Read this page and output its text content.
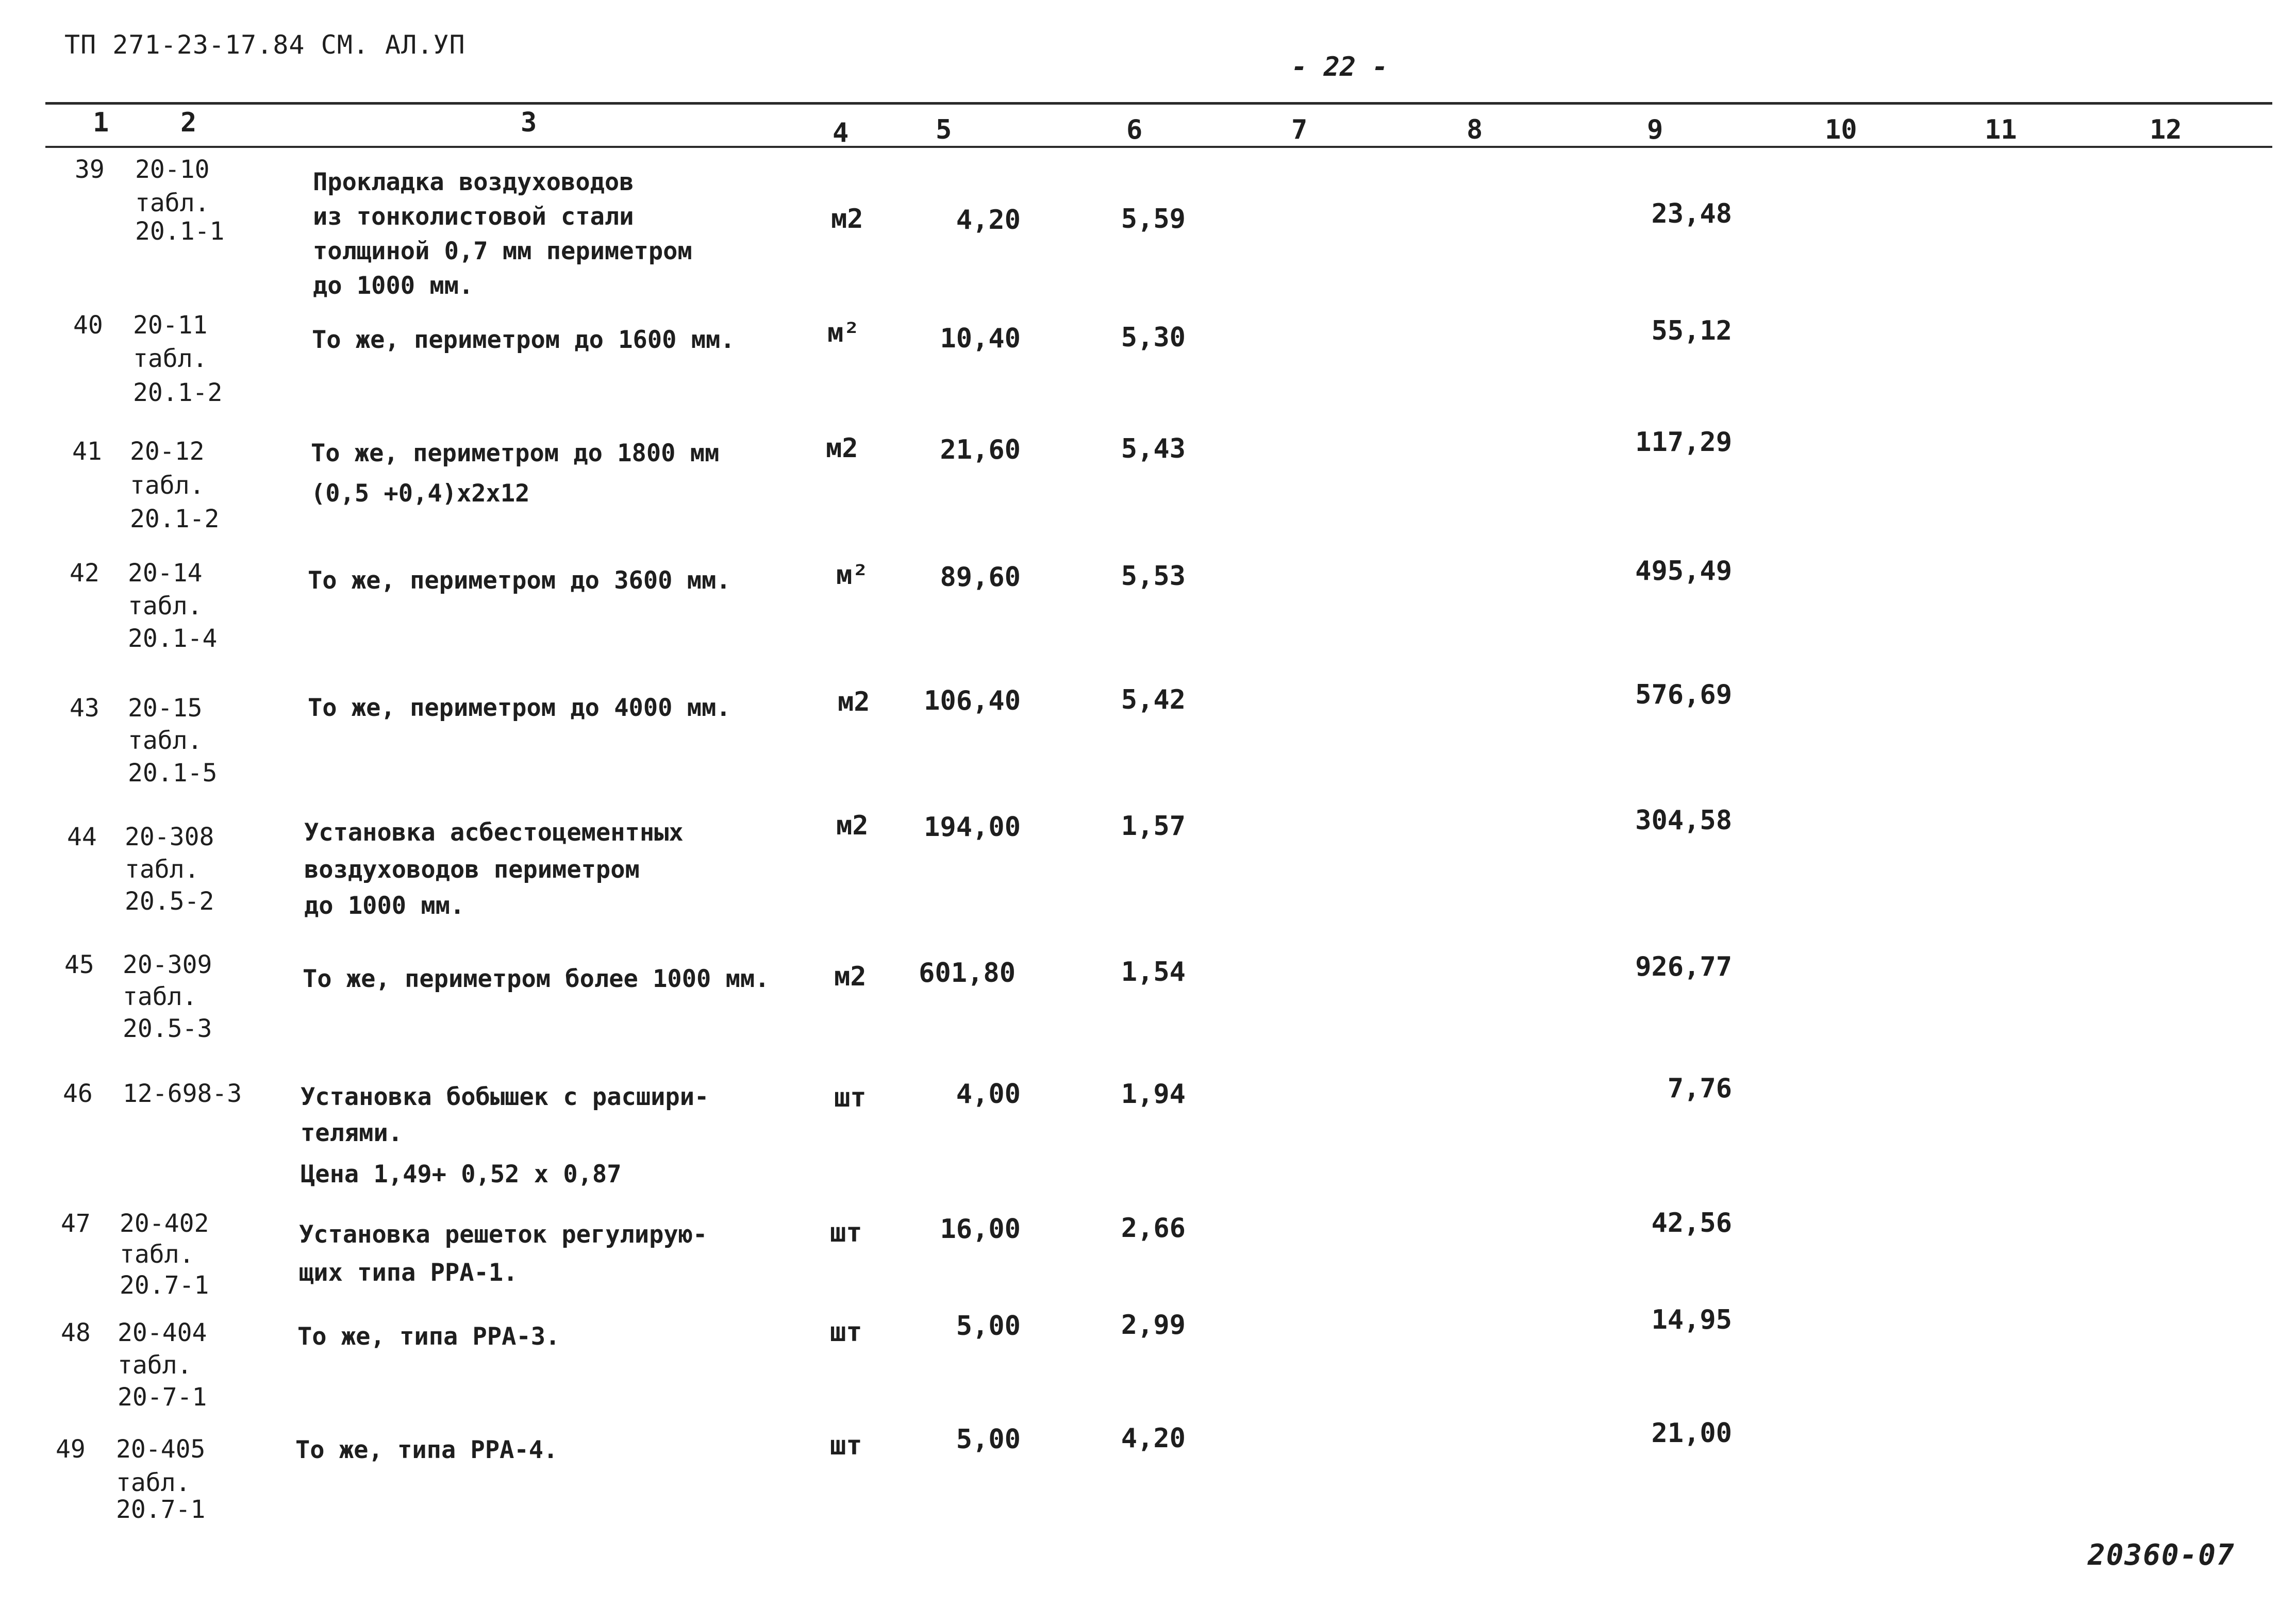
ТП 271-23-17.84 СМ. АЛ.УП
- 22 -
1	2	3	4	5	6	7	8	9	10	11	12
39 20-10
табл.
20.1-1
Прокладка воздуховодов
из тонколистовой стали
толщиной 0,7 мм периметром
до 1000 мм.
м2	4,20	5,59	23,48
40 20-11
табл.
20.1-2
То же, периметром до 1600 мм.	м²	10,40	5,30	55,12
41 20-12
табл.
20.1-2
То же, периметром до 1800 мм
(0,5 +0,4)х2х12
м2	21,60	5,43	117,29
42 20-14
табл.
20.1-4
То же, периметром до 3600 мм.	м²	89,60	5,53	495,49
43 20-15
табл.
20.1-5
То же, периметром до 4000 мм.	м2	106,40	5,42	576,69
44 20-308
табл.
20.5-2
Установка асбестоцементных
воздуховодов периметром
до 1000 мм.
м2	194,00	1,57	304,58
45 20-309
табл.
20.5-3
То же, периметром более 1000 мм. м2	601,80	1,54	926,77
46 12-698-3 Установка бобышек с расшири-
телями.
Цена 1,49+ 0,52 х 0,87
шт	4,00	1,94	7,76
47 20-402
табл.
20.7-1
Установка решеток регулирую-
щих типа РРА-1.
шт	16,00	2,66	42,56
48 20-404
табл.
20-7-1
То же, типа РРА-3.	шт	5,00	2,99	14,95
49 20-405
табл.
20.7-1
То же, типа РРА-4.	шт	5,00	4,20	21,00
20360-07
